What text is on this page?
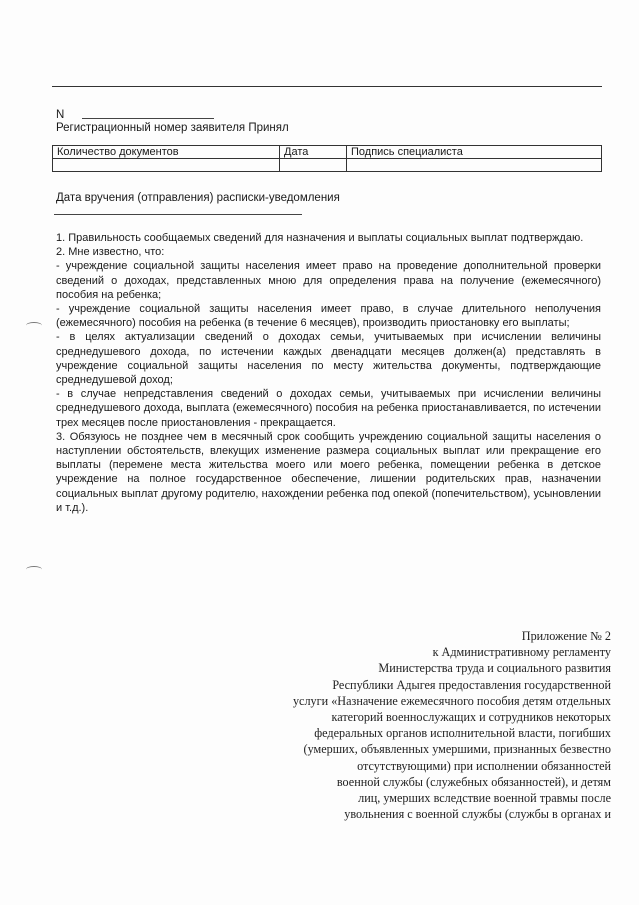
N
Регистрационный номер заявителя Принял
Количество документов	Дата	Подпись специалиста

Дата вручения (отправления) расписки-уведомления

1. Правильность сообщаемых сведений для назначения и выплаты социальных выплат подтверждаю.

2. Мне известно, что:

- учреждение социальной защиты населения имеет право на проведение дополнительной проверки сведений о доходах, представленных мною для определения права на получение (ежемесячного) пособия на ребенка;

- учреждение социальной защиты населения имеет право, в случае длительного неполучения (ежемесячного) пособия на ребенка (в течение 6 месяцев), производить приостановку его выплаты;

- в целях актуализации сведений о доходах семьи, учитываемых при исчислении величины среднедушевого дохода, по истечении каждых двенадцати месяцев должен(а) представлять в учреждение социальной защиты населения по месту жительства документы, подтверждающие среднедушевой доход;

- в случае непредставления сведений о доходах семьи, учитываемых при исчислении величины среднедушевого дохода, выплата (ежемесячного) пособия на ребенка приостанавливается, по истечении трех месяцев после приостановления - прекращается.

3. Обязуюсь не позднее чем в месячный срок сообщить учреждению социальной защиты населения о наступлении обстоятельств, влекущих изменение размера социальных выплат или прекращение его выплаты (перемене места жительства моего или моего ребенка, помещении ребенка в детское учреждение на полное государственное обеспечение, лишении родительских прав, назначении социальных выплат другому родителю, нахождении ребенка под опекой (попечительством), усыновлении и т.д.).

Приложение № 2
к Административному регламенту
Министерства труда и социального развития
Республики Адыгея предоставления государственной
услуги «Назначение ежемесячного пособия детям отдельных
категорий военнослужащих и сотрудников некоторых
федеральных органов исполнительной власти, погибших
(умерших, объявленных умершими, признанных безвестно
отсутствующими) при исполнении обязанностей
военной службы (служебных обязанностей), и детям
лиц, умерших вследствие военной травмы после
увольнения с военной службы (службы в органах и
